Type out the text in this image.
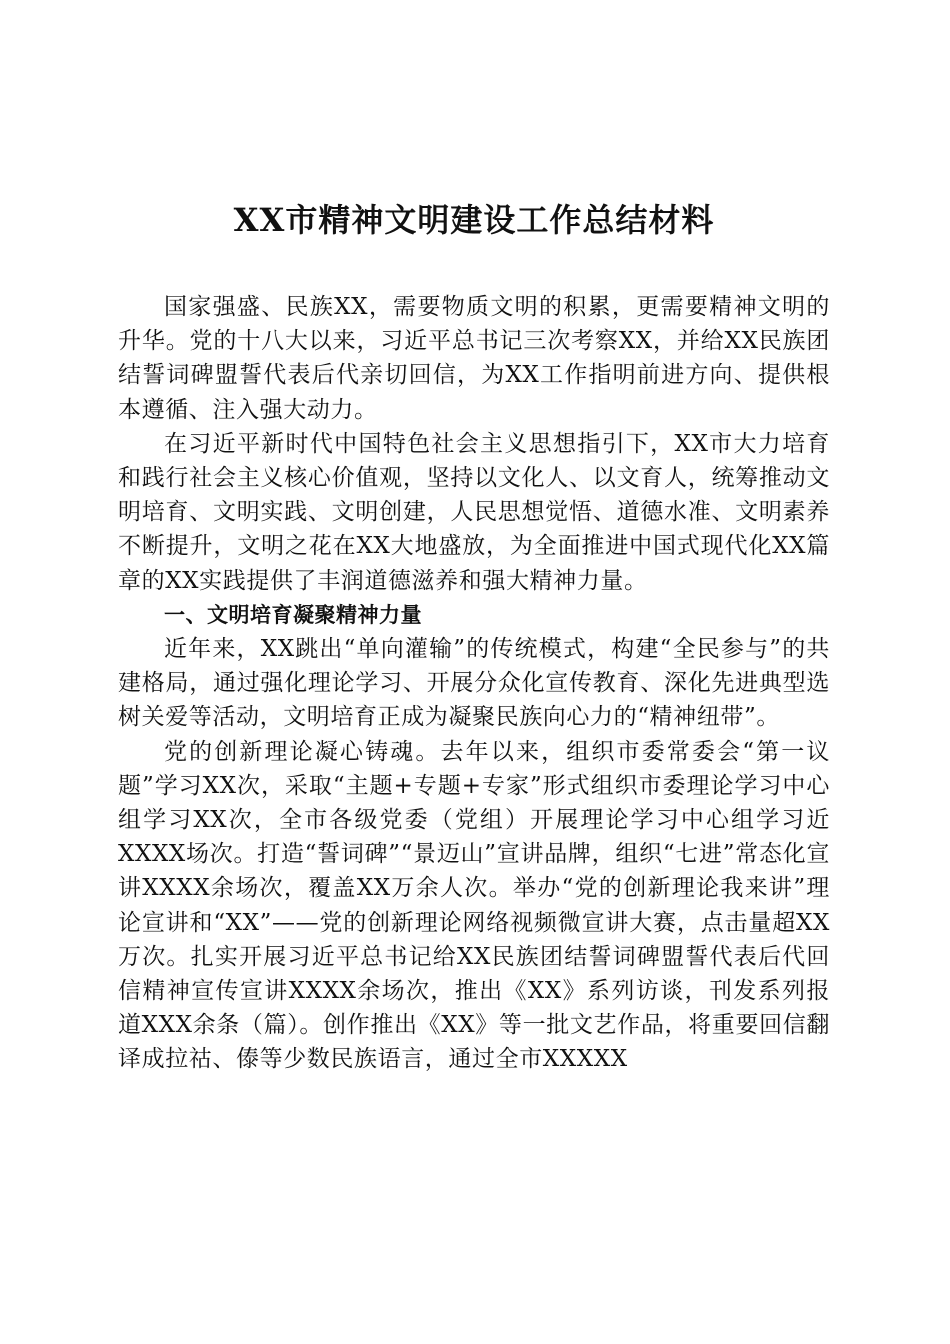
XX市精神文明建设工作总结材料

国家强盛、民族XX，需要物质文明的积累，更需要精神文明的升华。党的十八大以来，习近平总书记三次考察XX，并给XX民族团结誓词碑盟誓代表后代亲切回信，为XX工作指明前进方向、提供根本遵循、注入强大动力。

在习近平新时代中国特色社会主义思想指引下，XX市大力培育和践行社会主义核心价值观，坚持以文化人、以文育人，统筹推动文明培育、文明实践、文明创建，人民思想觉悟、道德水准、文明素养不断提升，文明之花在XX大地盛放，为全面推进中国式现代化XX篇章的XX实践提供了丰润道德滋养和强大精神力量。

一、文明培育凝聚精神力量

近年来，XX跳出“单向灌输”的传统模式，构建“全民参与”的共建格局，通过强化理论学习、开展分众化宣传教育、深化先进典型选树关爱等活动，文明培育正成为凝聚民族向心力的“精神纽带”。

党的创新理论凝心铸魂。去年以来，组织市委常委会“第一议题”学习XX次，采取“主题+专题+专家”形式组织市委理论学习中心组学习XX次，全市各级党委（党组）开展理论学习中心组学习近XXXX场次。打造“誓词碑”“景迈山”宣讲品牌，组织“七进”常态化宣讲XXXX余场次，覆盖XX万余人次。举办“党的创新理论我来讲”理论宣讲和“XX”——党的创新理论网络视频微宣讲大赛，点击量超XX万次。扎实开展习近平总书记给XX民族团结誓词碑盟誓代表后代回信精神宣传宣讲XXXX余场次，推出《XX》系列访谈，刊发系列报道XXX余条（篇）。创作推出《XX》等一批文艺作品，将重要回信翻译成拉祜、傣等少数民族语言，通过全市XXXXX
